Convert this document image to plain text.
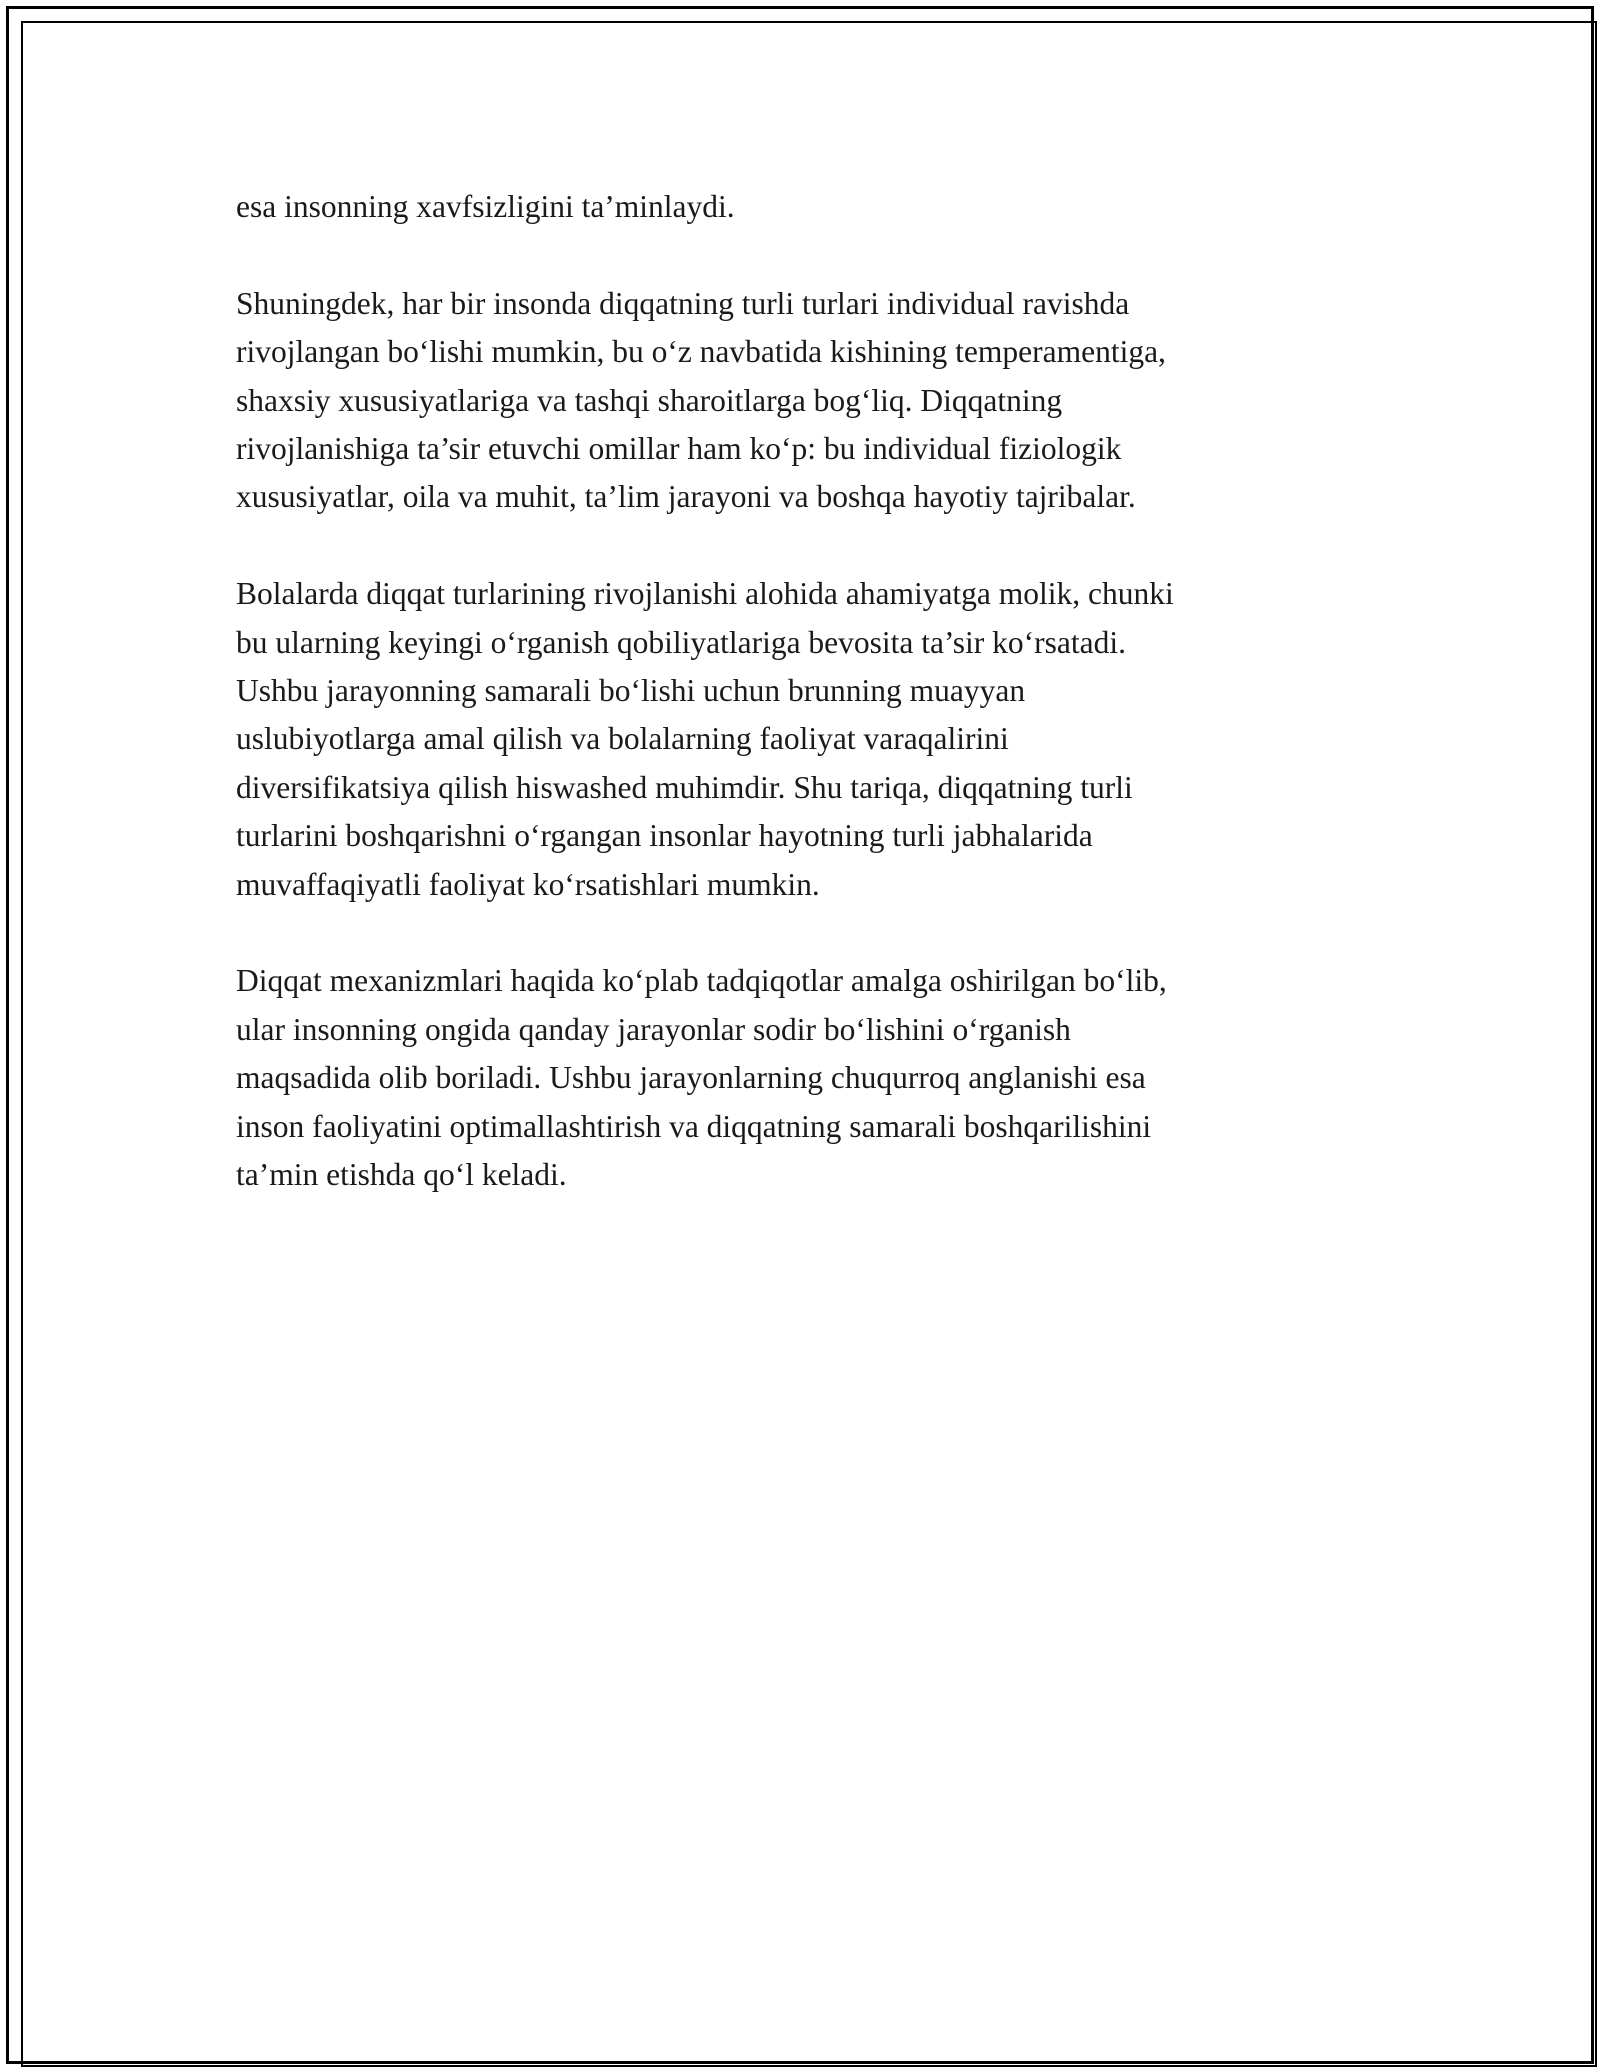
esa insonning xavfsizligini ta’minlaydi.

Shuningdek, har bir insonda diqqatning turli turlari individual ravishda
rivojlangan bo‘lishi mumkin, bu o‘z navbatida kishining temperamentiga,
shaxsiy xususiyatlariga va tashqi sharoitlarga bog‘liq. Diqqatning
rivojlanishiga ta’sir etuvchi omillar ham ko‘p: bu individual fiziologik
xususiyatlar, oila va muhit, ta’lim jarayoni va boshqa hayotiy tajribalar.

Bolalarda diqqat turlarining rivojlanishi alohida ahamiyatga molik, chunki
bu ularning keyingi o‘rganish qobiliyatlariga bevosita ta’sir ko‘rsatadi.
Ushbu jarayonning samarali bo‘lishi uchun brunning muayyan
uslubiyotlarga amal qilish va bolalarning faoliyat varaqalirini
diversifikatsiya qilish hiswashed muhimdir. Shu tariqa, diqqatning turli
turlarini boshqarishni o‘rgangan insonlar hayotning turli jabhalarida
muvaffaqiyatli faoliyat ko‘rsatishlari mumkin.

Diqqat mexanizmlari haqida ko‘plab tadqiqotlar amalga oshirilgan bo‘lib,
ular insonning ongida qanday jarayonlar sodir bo‘lishini o‘rganish
maqsadida olib boriladi. Ushbu jarayonlarning chuqurroq anglanishi esa
inson faoliyatini optimallashtirish va diqqatning samarali boshqarilishini
ta’min etishda qo‘l keladi.
